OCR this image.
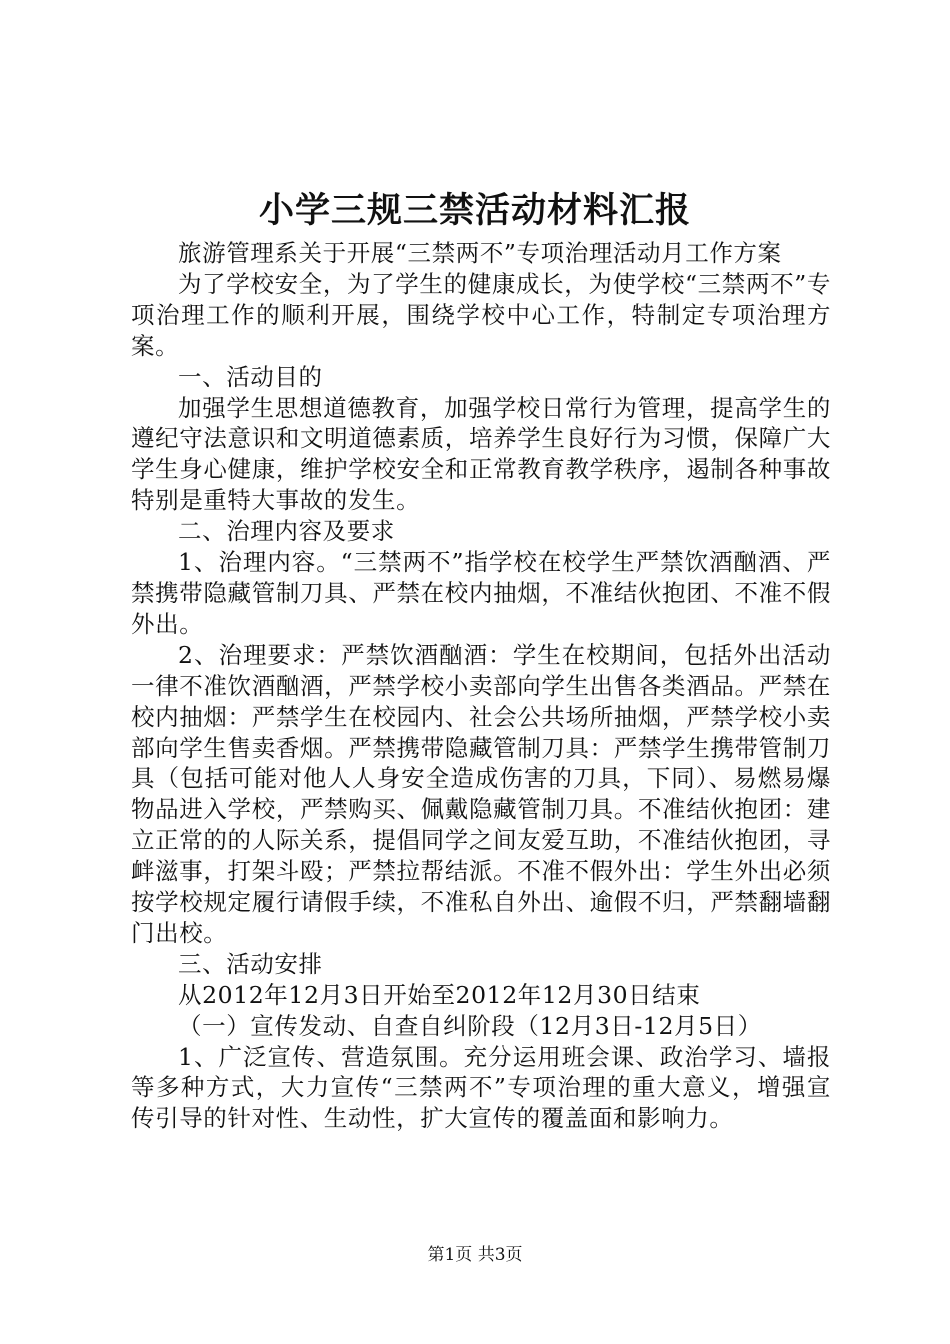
小学三规三禁活动材料汇报

旅游管理系关于开展“三禁两不”专项治理活动月工作方案

为了学校安全，为了学生的健康成长，为使学校“三禁两不”专项治理工作的顺利开展，围绕学校中心工作，特制定专项治理方案。

一、活动目的

加强学生思想道德教育，加强学校日常行为管理，提高学生的遵纪守法意识和文明道德素质，培养学生良好行为习惯，保障广大学生身心健康，维护学校安全和正常教育教学秩序，遏制各种事故特别是重特大事故的发生。

二、治理内容及要求

1、治理内容。“三禁两不”指学校在校学生严禁饮酒酗酒、严禁携带隐藏管制刀具、严禁在校内抽烟，不准结伙抱团、不准不假外出。

2、治理要求：严禁饮酒酗酒：学生在校期间，包括外出活动一律不准饮酒酗酒，严禁学校小卖部向学生出售各类酒品。严禁在校内抽烟：严禁学生在校园内、社会公共场所抽烟，严禁学校小卖部向学生售卖香烟。严禁携带隐藏管制刀具：严禁学生携带管制刀具（包括可能对他人人身安全造成伤害的刀具，下同）、易燃易爆物品进入学校，严禁购买、佩戴隐藏管制刀具。不准结伙抱团：建立正常的的人际关系，提倡同学之间友爱互助，不准结伙抱团，寻衅滋事，打架斗殴；严禁拉帮结派。不准不假外出：学生外出必须按学校规定履行请假手续，不准私自外出、逾假不归，严禁翻墙翻门出校。

三、活动安排

从2012年12月3日开始至2012年12月30日结束

（一）宣传发动、自查自纠阶段（12月3日-12月5日）

1、广泛宣传、营造氛围。充分运用班会课、政治学习、墙报等多种方式，大力宣传“三禁两不”专项治理的重大意义，增强宣传引导的针对性、生动性，扩大宣传的覆盖面和影响力。

第1页 共3页
